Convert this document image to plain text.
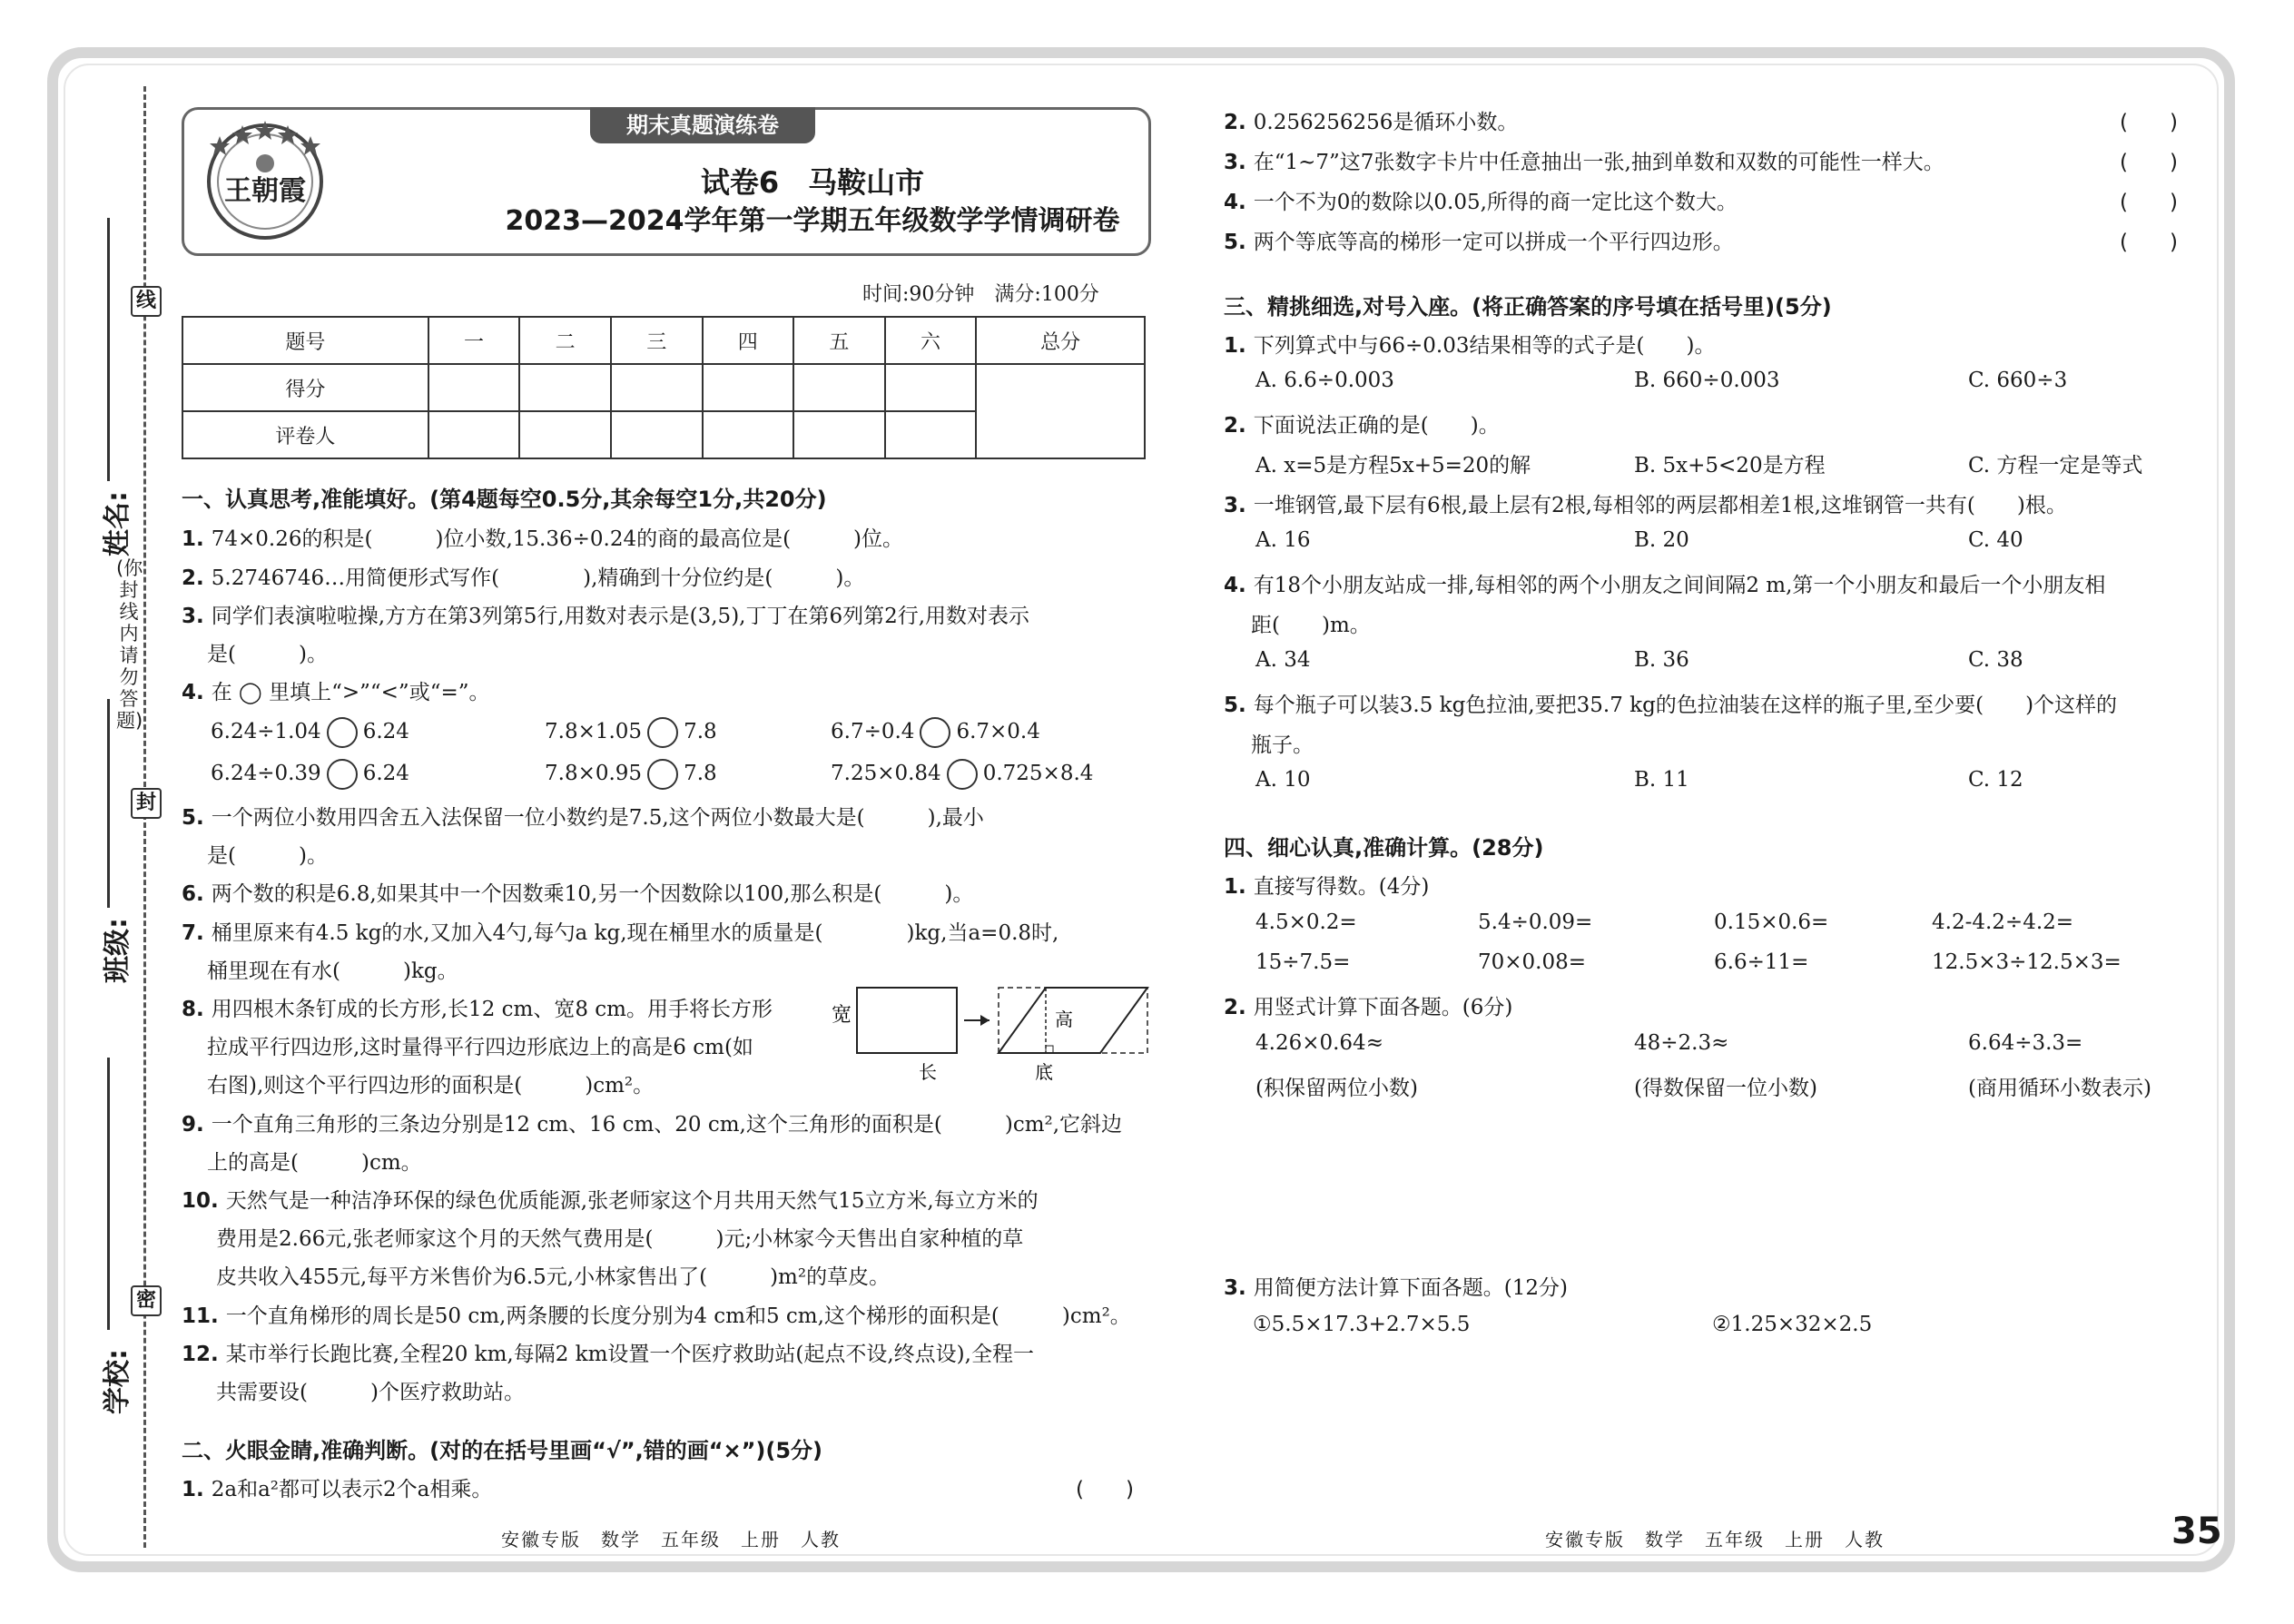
线
封
密
姓名:
班级:
学校:
(你封线内请勿答题)
期末真题演练卷
王朝霞	试卷6　马鞍山市
2023—2024学年第一学期五年级数学学情调研卷
时间:90分钟　满分:100分
题号	一	二	三	四	五	六	总分
得分							
评卷人							
一、认真思考,准能填好。(第4题每空0.5分,其余每空1分,共20分)
1. 74×0.26的积是(　　　)位小数,15.36÷0.24的商的最高位是(　　　)位。
2. 5.2746746…用简便形式写作(　　　　),精确到十分位约是(　　　)。
3. 同学们表演啦啦操,方方在第3列第5行,用数对表示是(3,5),丁丁在第6列第2行,用数对表示
是(　　　)。
4. 在 ◯ 里填上“>”“<”或“=”。
6.24÷1.04 6.24	7.8×1.05 7.8	6.7÷0.4 6.7×0.4
6.24÷0.39 6.24	7.8×0.95 7.8	7.25×0.84 0.725×8.4
5. 一个两位小数用四舍五入法保留一位小数约是7.5,这个两位小数最大是(　　　),最小
是(　　　)。
6. 两个数的积是6.8,如果其中一个因数乘10,另一个因数除以100,那么积是(　　　)。
7. 桶里原来有4.5 kg的水,又加入4勺,每勺a kg,现在桶里水的质量是(　　　　)kg,当a=0.8时,
桶里现在有水(　　　)kg。
8. 用四根木条钉成的长方形,长12 cm、宽8 cm。用手将长方形
拉成平行四边形,这时量得平行四边形底边上的高是6 cm(如
右图),则这个平行四边形的面积是(　　　)cm²。
宽
长
高
底
9. 一个直角三角形的三条边分别是12 cm、16 cm、20 cm,这个三角形的面积是(　　　)cm²,它斜边
上的高是(　　　)cm。
10. 天然气是一种洁净环保的绿色优质能源,张老师家这个月共用天然气15立方米,每立方米的
费用是2.66元,张老师家这个月的天然气费用是(　　　)元;小林家今天售出自家种植的草
皮共收入455元,每平方米售价为6.5元,小林家售出了(　　　)m²的草皮。
11. 一个直角梯形的周长是50 cm,两条腰的长度分别为4 cm和5 cm,这个梯形的面积是(　　　)cm²。
12. 某市举行长跑比赛,全程20 km,每隔2 km设置一个医疗救助站(起点不设,终点设),全程一
共需要设(　　　)个医疗救助站。
二、火眼金睛,准确判断。(对的在括号里画“√”,错的画“×”)(5分)
1. 2a和a²都可以表示2个a相乘。	(　　)
安徽专版　数学　五年级　上册　人教
2. 0.256256256是循环小数。	(　　)
3. 在“1~7”这7张数字卡片中任意抽出一张,抽到单数和双数的可能性一样大。	(　　)
4. 一个不为0的数除以0.05,所得的商一定比这个数大。	(　　)
5. 两个等底等高的梯形一定可以拼成一个平行四边形。	(　　)
三、精挑细选,对号入座。(将正确答案的序号填在括号里)(5分)
1. 下列算式中与66÷0.03结果相等的式子是(　　)。
A. 6.6÷0.003	B. 660÷0.003	C. 660÷3
2. 下面说法正确的是(　　)。
A. x=5是方程5x+5=20的解	B. 5x+5<20是方程	C. 方程一定是等式
3. 一堆钢管,最下层有6根,最上层有2根,每相邻的两层都相差1根,这堆钢管一共有(　　)根。
A. 16	B. 20	C. 40
4. 有18个小朋友站成一排,每相邻的两个小朋友之间间隔2 m,第一个小朋友和最后一个小朋友相
距(　　)m。
A. 34	B. 36	C. 38
5. 每个瓶子可以装3.5 kg色拉油,要把35.7 kg的色拉油装在这样的瓶子里,至少要(　　)个这样的
瓶子。
A. 10	B. 11	C. 12
四、细心认真,准确计算。(28分)
1. 直接写得数。(4分)
4.5×0.2=	5.4÷0.09=	0.15×0.6=	4.2-4.2÷4.2=
15÷7.5=	70×0.08=	6.6÷11=	12.5×3÷12.5×3=
2. 用竖式计算下面各题。(6分)
4.26×0.64≈	48÷2.3≈	6.64÷3.3=
(积保留两位小数)	(得数保留一位小数)	(商用循环小数表示)
3. 用简便方法计算下面各题。(12分)
①5.5×17.3+2.7×5.5	②1.25×32×2.5
安徽专版　数学　五年级　上册　人教	35
